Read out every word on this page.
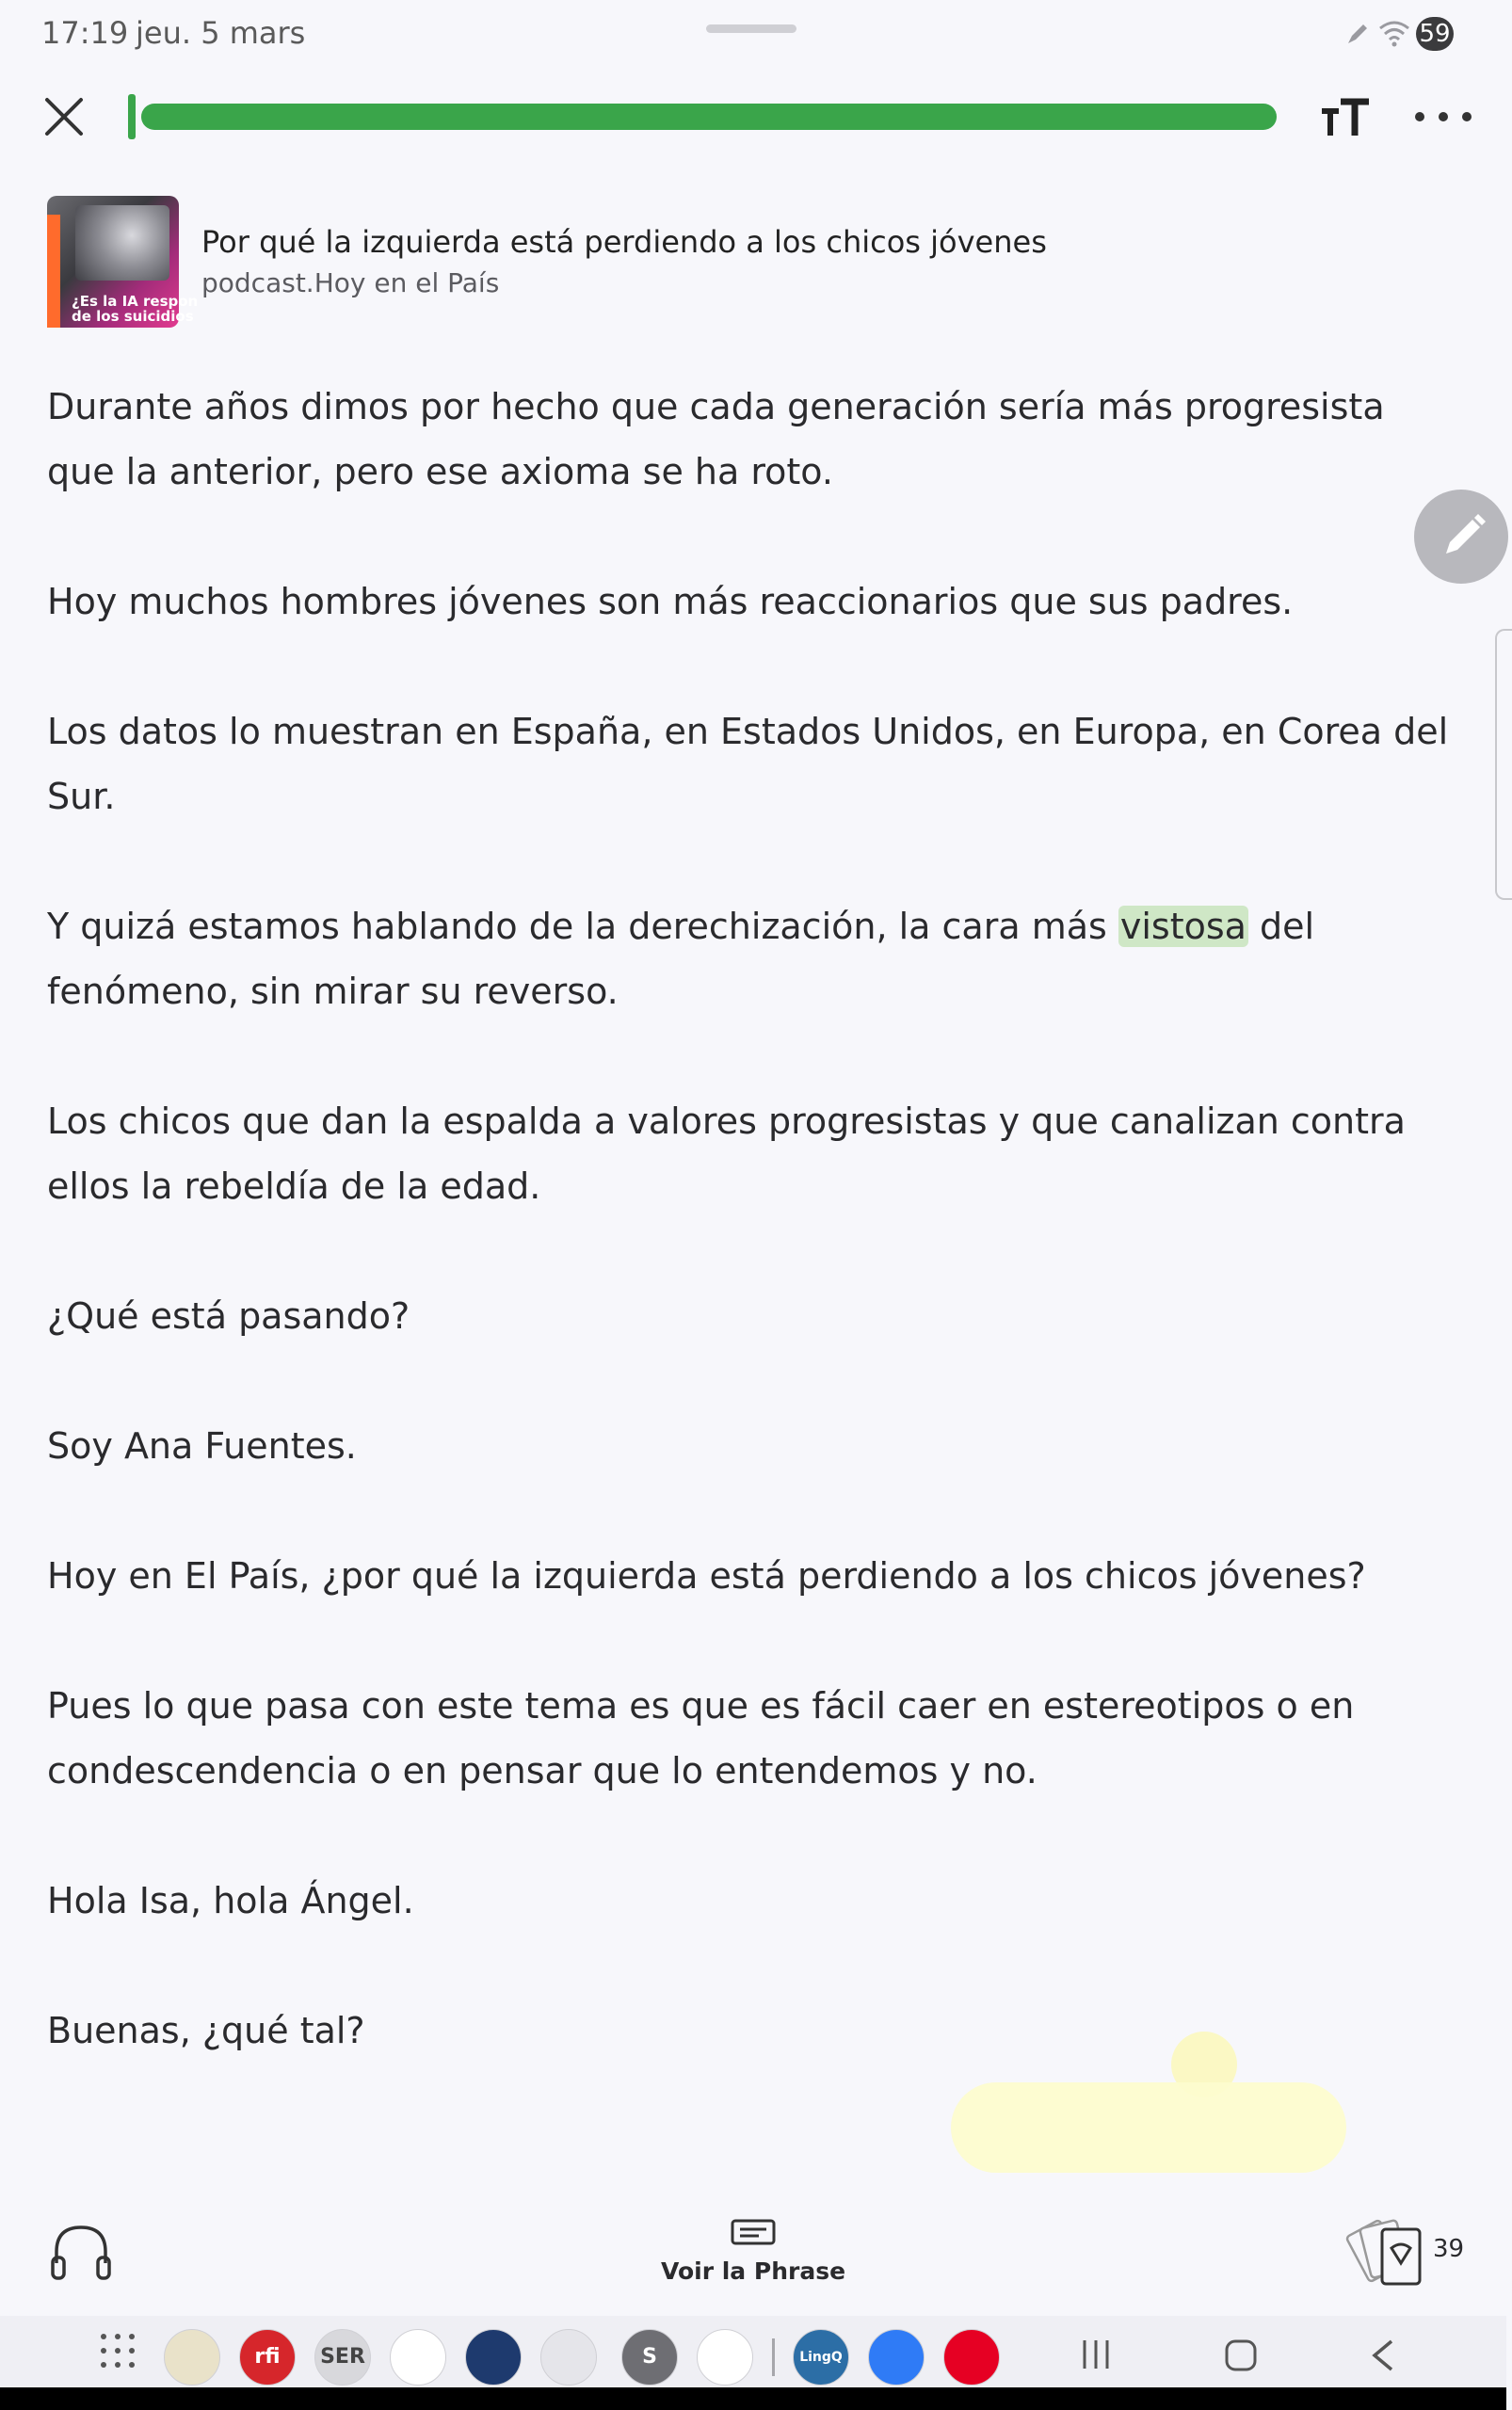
17:19 jeu. 5 mars	59
¿Es la IA respon
de los suicidios
Por qué la izquierda está perdiendo a los chicos jóvenes
podcast.Hoy en el País

Durante años dimos por hecho que cada generación sería más progresista que la anterior, pero ese axioma se ha roto.

Hoy muchos hombres jóvenes son más reaccionarios que sus padres.

Los datos lo muestran en España, en Estados Unidos, en Europa, en Corea del Sur.

Y quizá estamos hablando de la derechización, la cara más vistosa del fenómeno, sin mirar su reverso.

Los chicos que dan la espalda a valores progresistas y que canalizan contra ellos la rebeldía de la edad.

¿Qué está pasando?

Soy Ana Fuentes.

Hoy en El País, ¿por qué la izquierda está perdiendo a los chicos jóvenes?

Pues lo que pasa con este tema es que es fácil caer en estereotipos o en condescendencia o en pensar que lo entendemos y no.

Hola Isa, hola Ángel.

Buenas, ¿qué tal?

Voir la Phrase
39
rfi	SER	S	LingQ
